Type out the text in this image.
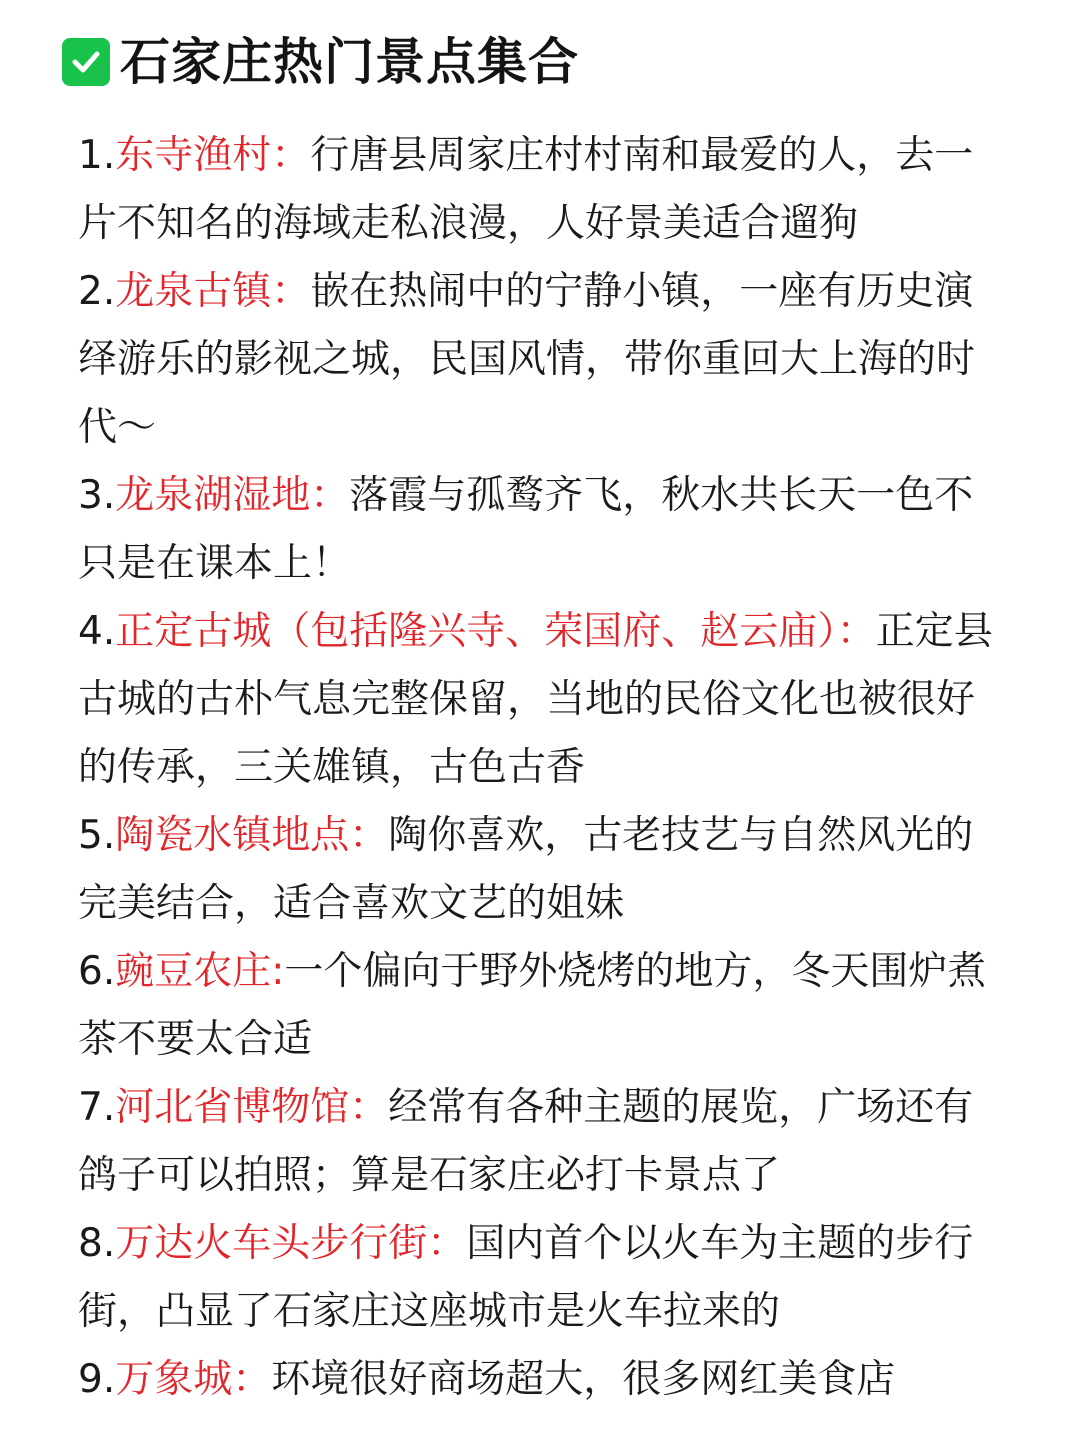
石家庄热门景点集合

1.东寺渔村：行唐县周家庄村村南和最爱的人，去一片不知名的海域走私浪漫，人好景美适合遛狗

2.龙泉古镇：嵌在热闹中的宁静小镇，一座有历史演绎游乐的影视之城，民国风情，带你重回大上海的时代～

3.龙泉湖湿地：落霞与孤鹜齐飞，秋水共长天一色不只是在课本上！

4.正定古城（包括隆兴寺、荣国府、赵云庙）：正定县古城的古朴气息完整保留，当地的民俗文化也被很好的传承，三关雄镇，古色古香

5.陶瓷水镇地点：陶你喜欢，古老技艺与自然风光的完美结合，适合喜欢文艺的姐妹

6.豌豆农庄:一个偏向于野外烧烤的地方，冬天围炉煮茶不要太合适

7.河北省博物馆：经常有各种主题的展览，广场还有鸽子可以拍照；算是石家庄必打卡景点了

8.万达火车头步行街：国内首个以火车为主题的步行街，凸显了石家庄这座城市是火车拉来的

9.万象城：环境很好商场超大，很多网红美食店
